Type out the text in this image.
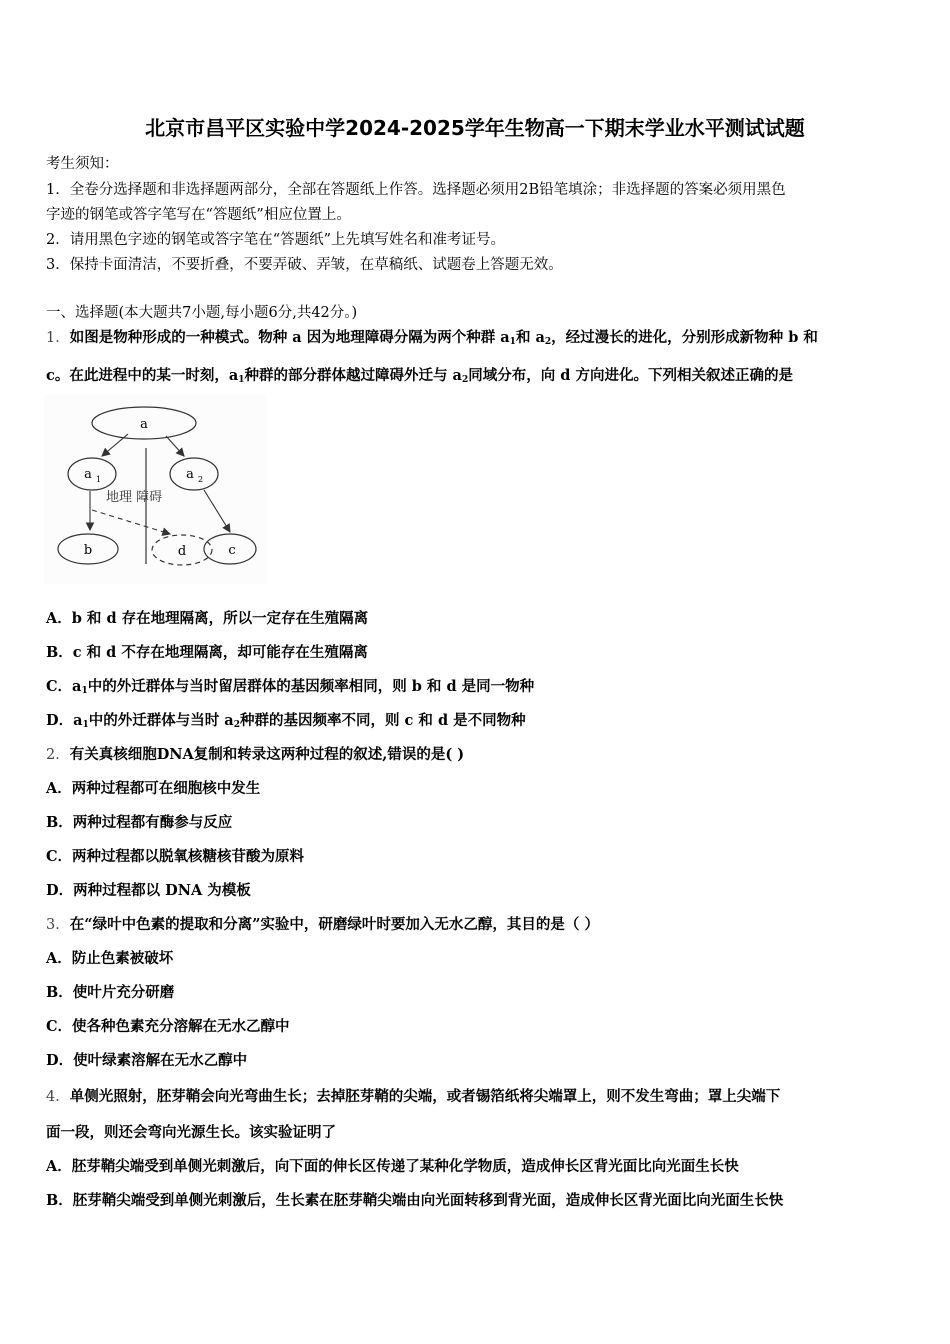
北京市昌平区实验中学2024-2025学年生物高一下期末学业水平测试试题
考生须知：
1．全卷分选择题和非选择题两部分，全部在答题纸上作答。选择题必须用2B铅笔填涂；非选择题的答案必须用黑色
字迹的钢笔或答字笔写在“答题纸”相应位置上。
2．请用黑色字迹的钢笔或答字笔在“答题纸”上先填写姓名和准考证号。
3．保持卡面清洁，不要折叠，不要弄破、弄皱，在草稿纸、试题卷上答题无效。
一、选择题(本大题共7小题,每小题6分,共42分。)
1．如图是物种形成的一种模式。物种 a 因为地理障碍分隔为两个种群 $a_1$和 $a_2$，经过漫长的进化，分别形成新物种 b 和
c。在此进程中的某一时刻，$a_1$种群的部分群体越过障碍外迁与 $a_2$同域分布，向 d 方向进化。下列相关叙述正确的是
a
a 1	a 2
地理 障碍
b	d	c
A．b 和 d 存在地理隔离，所以一定存在生殖隔离
B．c 和 d 不存在地理隔离，却可能存在生殖隔离
C．$a_1$中的外迁群体与当时留居群体的基因频率相同，则 b 和 d 是同一物种
D．$a_1$中的外迁群体与当时 $a_2$种群的基因频率不同，则 c 和 d 是不同物种
2．有关真核细胞DNA复制和转录这两种过程的叙述,错误的是( )
A．两种过程都可在细胞核中发生
B．两种过程都有酶参与反应
C．两种过程都以脱氧核糖核苷酸为原料
D．两种过程都以 DNA 为模板
3．在“绿叶中色素的提取和分离”实验中，研磨绿叶时要加入无水乙醇，其目的是（ ）
A．防止色素被破坏
B．使叶片充分研磨
C．使各种色素充分溶解在无水乙醇中
D．使叶绿素溶解在无水乙醇中
4．单侧光照射，胚芽鞘会向光弯曲生长；去掉胚芽鞘的尖端，或者锡箔纸将尖端罩上，则不发生弯曲；罩上尖端下
面一段，则还会弯向光源生长。该实验证明了
A．胚芽鞘尖端受到单侧光刺激后，向下面的伸长区传递了某种化学物质，造成伸长区背光面比向光面生长快
B．胚芽鞘尖端受到单侧光刺激后，生长素在胚芽鞘尖端由向光面转移到背光面，造成伸长区背光面比向光面生长快
